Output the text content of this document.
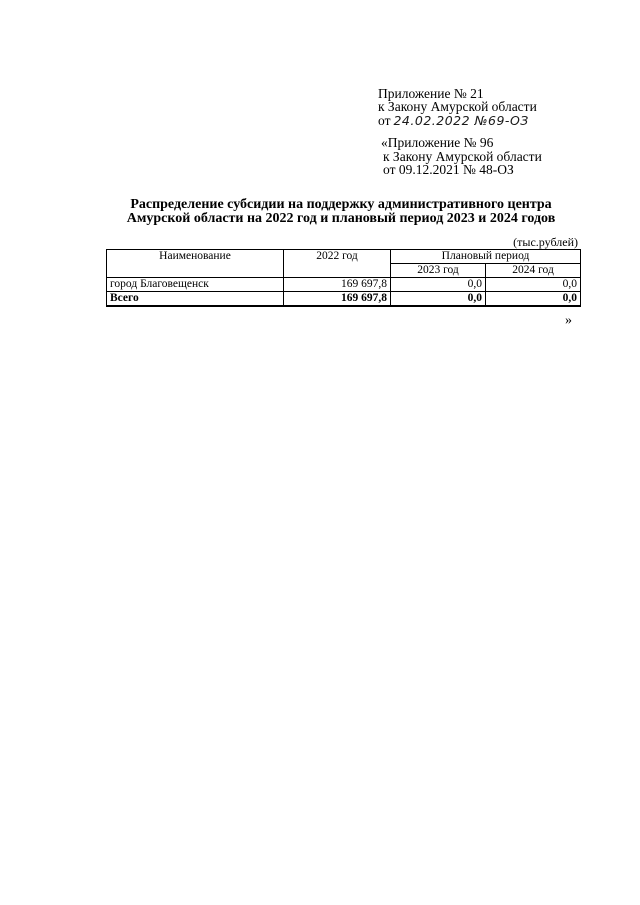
Приложение № 21
к Закону Амурской области
от 24.02.2022 №69-ОЗ
«Приложение № 96
к Закону Амурской области
от 09.12.2021 № 48-ОЗ
Распределение субсидии на поддержку административного центра
Амурской области на 2022 год и плановый период 2023 и 2024 годов
(тыс.рублей)
Наименование	2022 год	Плановый период	
		2023 год	2024 год
город Благовещенск	169 697,8	0,0	0,0
Всего	169 697,8	0,0	0,0
»
